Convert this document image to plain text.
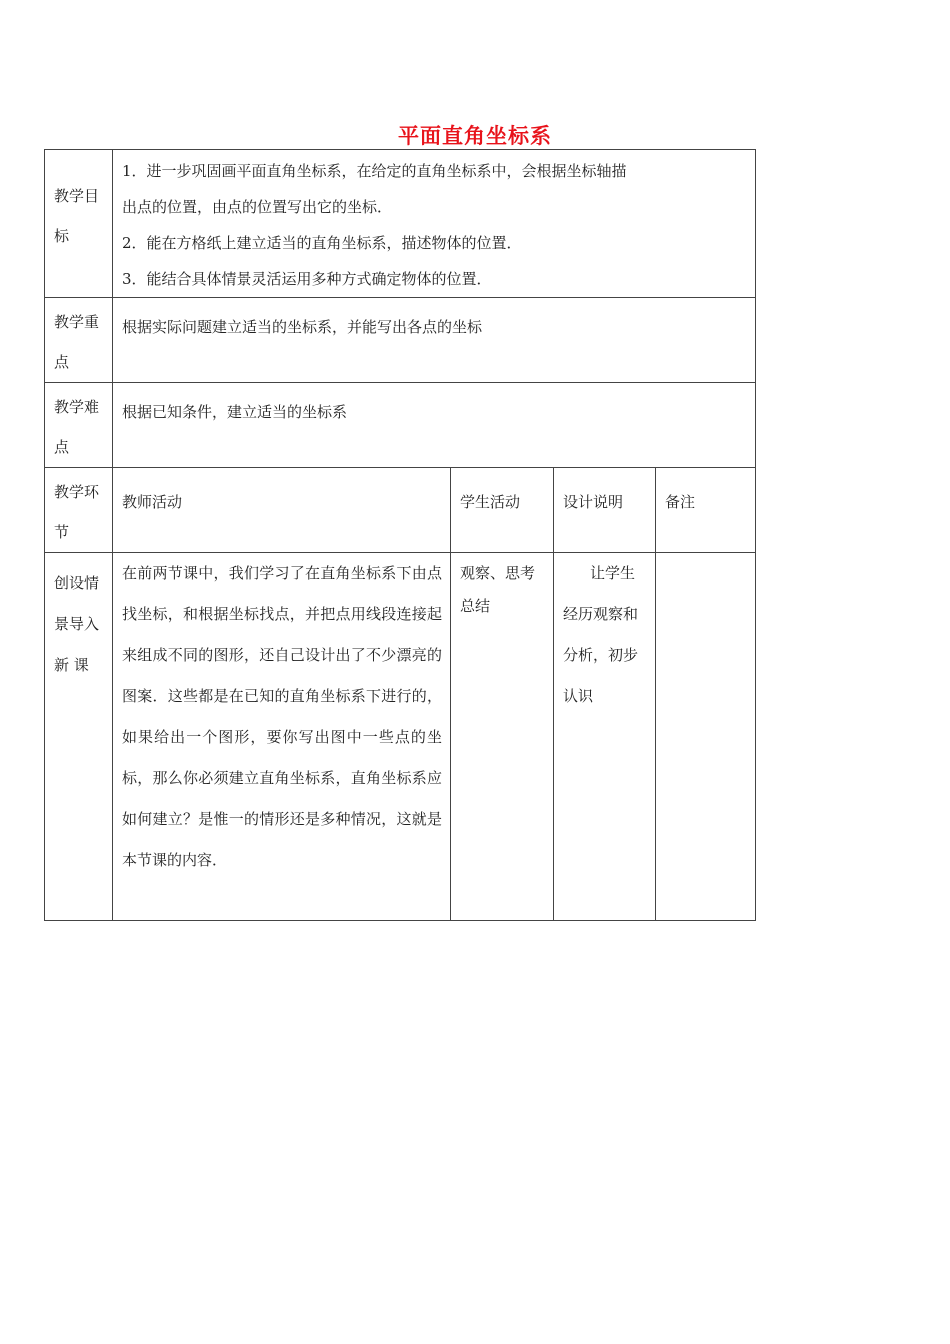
平面直角坐标系
教学目标	1．进一步巩固画平面直角坐标系，在给定的直角坐标系中，会根据坐标轴描
出点的位置，由点的位置写出它的坐标．
2．能在方格纸上建立适当的直角坐标系，描述物体的位置．
3．能结合具体情景灵活运用多种方式确定物体的位置．			

教学重点	根据实际问题建立适当的坐标系，并能写出各点的坐标			

教学难点	根据已知条件，建立适当的坐标系			

教学环节	教师活动	学生活动	设计说明	备注

创设情景导入新 课	在前两节课中，我们学习了在直角坐标系下由点找坐标，和根据坐标找点，并把点用线段连接起来组成不同的图形，还自己设计出了不少漂亮的图案．这些都是在已知的直角坐标系下进行的，如果给出一个图形，要你写出图中一些点的坐标，那么你必须建立直角坐标系，直角坐标系应如何建立？是惟一的情形还是多种情况，这就是本节课的内容．	观察、思考总结	让学生经历观察和分析，初步认识	
